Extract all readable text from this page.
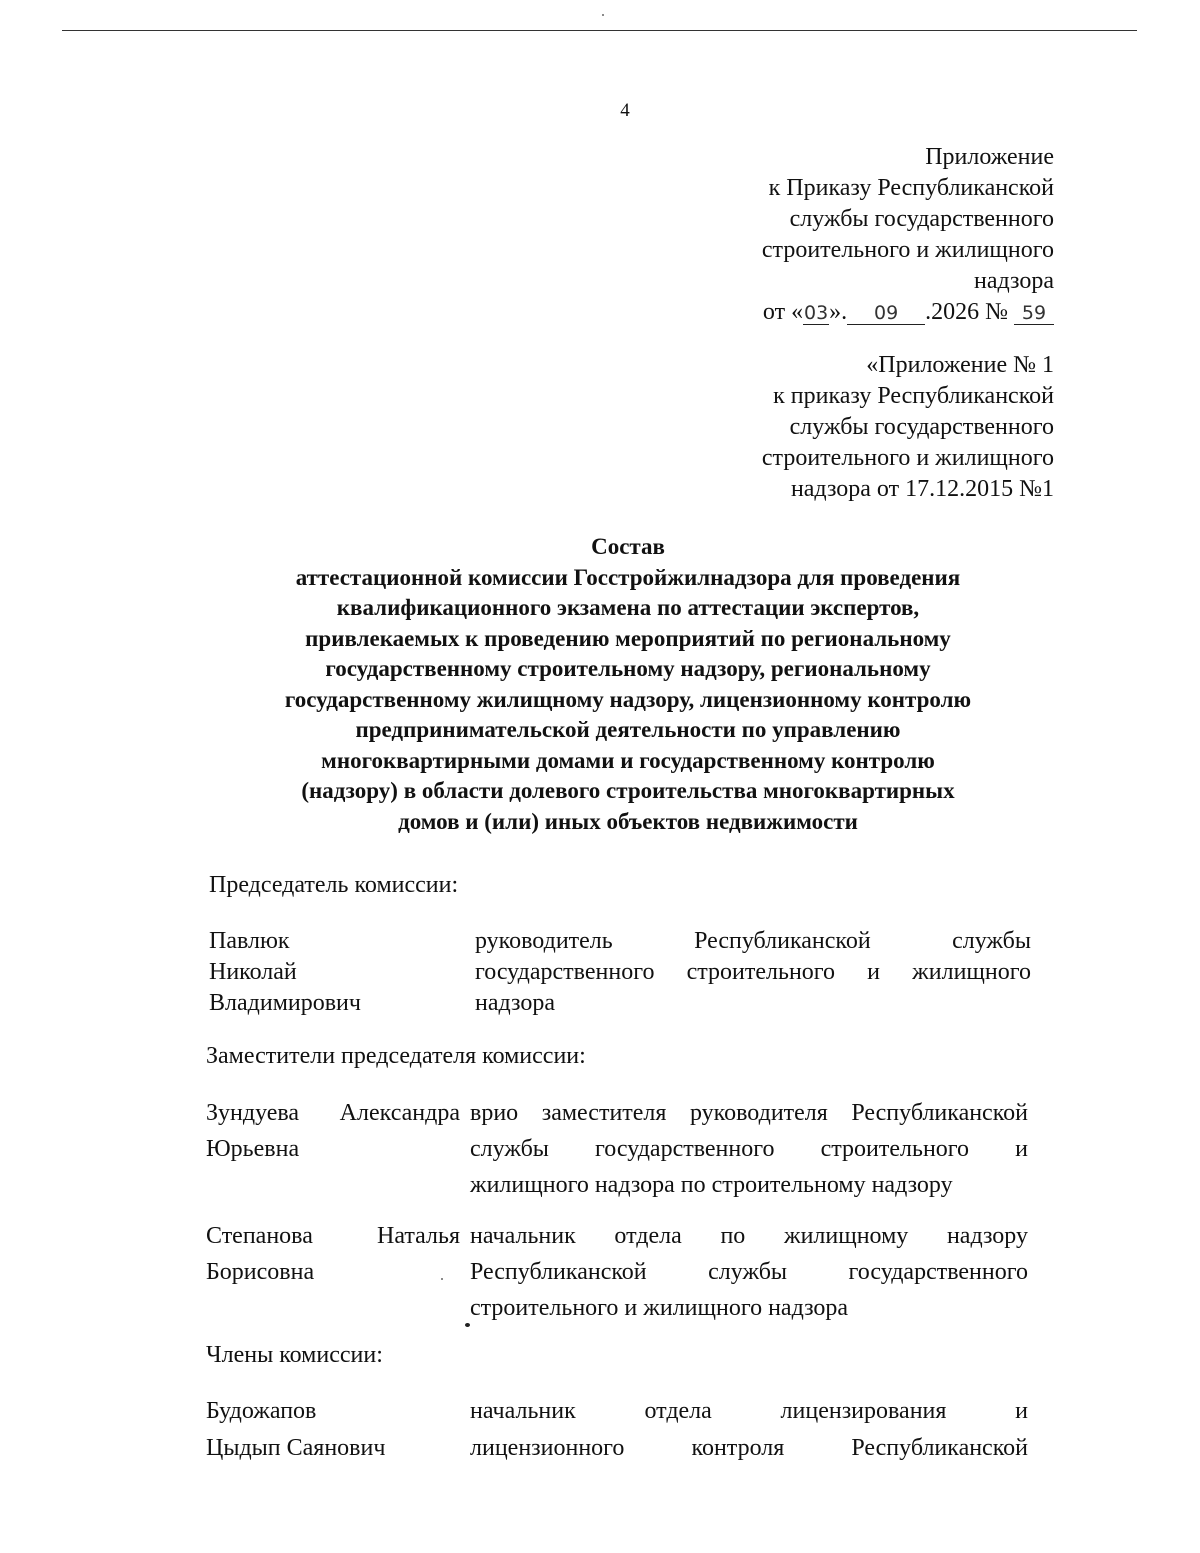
4
Приложение
к Приказу Республиканской
службы государственного
строительного и жилищного
надзора
от «03». 09 .2026 № 59
«Приложение № 1
к приказу Республиканской
службы государственного
строительного и жилищного
надзора от 17.12.2015 №1
Состав
аттестационной комиссии Госстройжилнадзора для проведения
квалификационного экзамена по аттестации экспертов,
привлекаемых к проведению мероприятий по региональному
государственному строительному надзору, региональному
государственному жилищному надзору, лицензионному контролю
предпринимательской деятельности по управлению
многоквартирными домами и государственному контролю
(надзору) в области долевого строительства многоквартирных
домов и (или) иных объектов недвижимости
Председатель комиссии:
Павлюк
Николай
Владимирович
руководитель Республиканской службы
государственного строительного и жилищного
надзора
Заместители председателя комиссии:
Зундуева Александра
Юрьевна
врио заместителя руководителя Республиканской
службы государственного строительного и
жилищного надзора по строительному надзору
Степанова	Наталья
Борисовна
начальник отдела по жилищному надзору
Республиканской службы государственного
строительного и жилищного надзора
Члены комиссии:
Будожапов
Цыдып Саянович
начальник отдела лицензирования и
лицензионного контроля Республиканской
